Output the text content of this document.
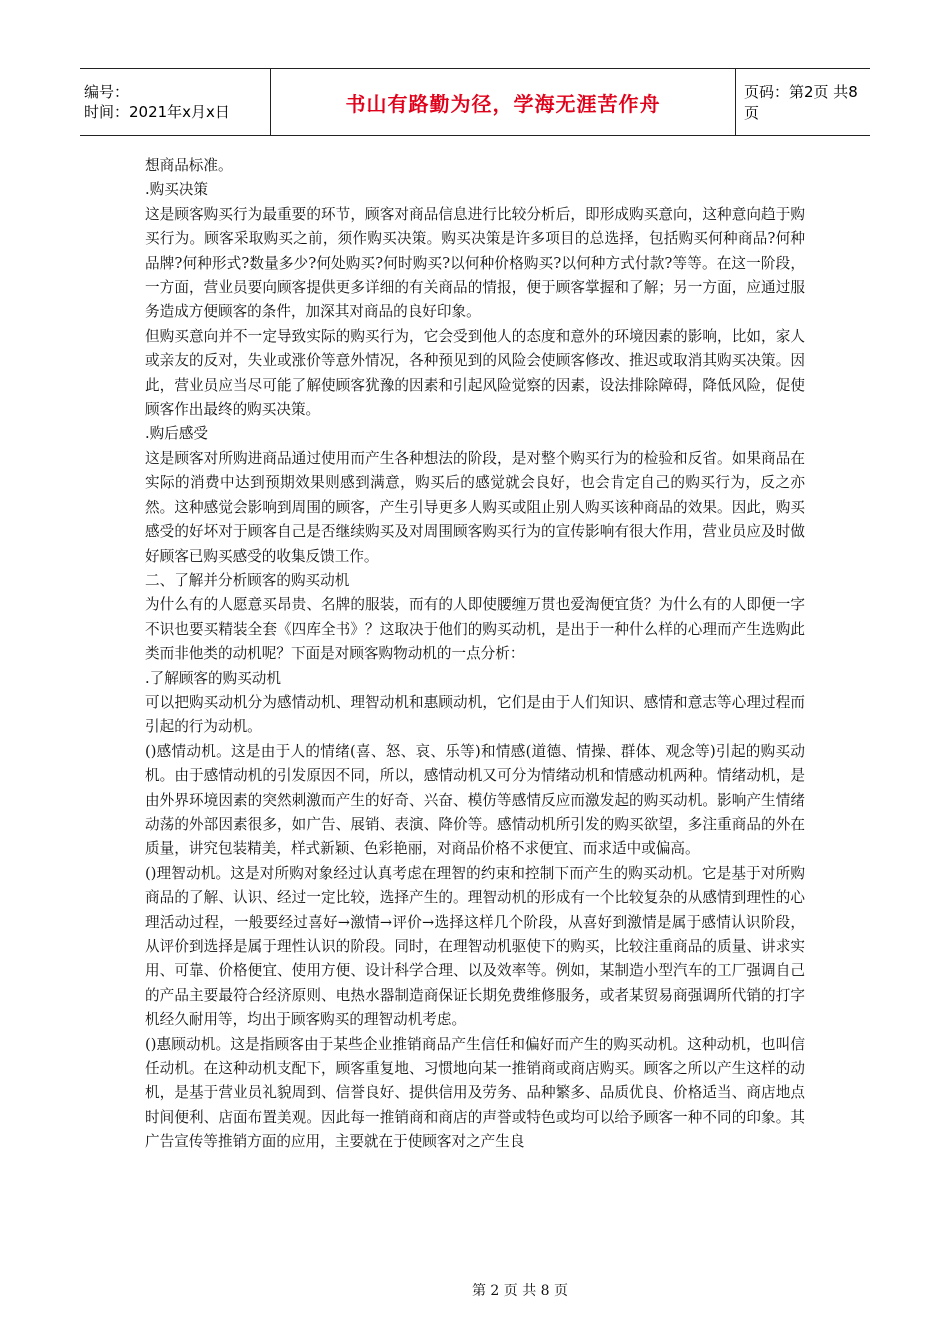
编号：
时间：2021年x月x日	书山有路勤为径，学海无涯苦作舟	页码：第2页 共8页

想商品标准。

.购买决策

这是顾客购买行为最重要的环节，顾客对商品信息进行比较分析后，即形成购买意向，这种意向趋于购买行为。顾客采取购买之前，须作购买决策。购买决策是许多项目的总选择，包括购买何种商品?何种品牌?何种形式?数量多少?何处购买?何时购买?以何种价格购买?以何种方式付款?等等。在这一阶段，一方面，营业员要向顾客提供更多详细的有关商品的情报，便于顾客掌握和了解；另一方面，应通过服务造成方便顾客的条件，加深其对商品的良好印象。

但购买意向并不一定导致实际的购买行为，它会受到他人的态度和意外的环境因素的影响，比如，家人或亲友的反对，失业或涨价等意外情况，各种预见到的风险会使顾客修改、推迟或取消其购买决策。因此，营业员应当尽可能了解使顾客犹豫的因素和引起风险觉察的因素，设法排除障碍，降低风险，促使顾客作出最终的购买决策。

.购后感受

这是顾客对所购进商品通过使用而产生各种想法的阶段，是对整个购买行为的检验和反省。如果商品在实际的消费中达到预期效果则感到满意，购买后的感觉就会良好，也会肯定自己的购买行为，反之亦然。这种感觉会影响到周围的顾客，产生引导更多人购买或阻止别人购买该种商品的效果。因此，购买感受的好坏对于顾客自己是否继续购买及对周围顾客购买行为的宣传影响有很大作用，营业员应及时做好顾客已购买感受的收集反馈工作。

二、了解并分析顾客的购买动机

为什么有的人愿意买昂贵、名牌的服装，而有的人即使腰缠万贯也爱淘便宜货？为什么有的人即便一字不识也要买精装全套《四库全书》？这取决于他们的购买动机，是出于一种什么样的心理而产生选购此类而非他类的动机呢？下面是对顾客购物动机的一点分析：

.了解顾客的购买动机

可以把购买动机分为感情动机、理智动机和惠顾动机，它们是由于人们知识、感情和意志等心理过程而引起的行为动机。

()感情动机。这是由于人的情绪(喜、怒、哀、乐等)和情感(道德、情操、群体、观念等)引起的购买动机。由于感情动机的引发原因不同，所以，感情动机又可分为情绪动机和情感动机两种。情绪动机，是由外界环境因素的突然刺激而产生的好奇、兴奋、模仿等感情反应而激发起的购买动机。影响产生情绪动荡的外部因素很多，如广告、展销、表演、降价等。感情动机所引发的购买欲望，多注重商品的外在质量，讲究包装精美，样式新颖、色彩艳丽，对商品价格不求便宜、而求适中或偏高。

()理智动机。这是对所购对象经过认真考虑在理智的约束和控制下而产生的购买动机。它是基于对所购商品的了解、认识、经过一定比较，选择产生的。理智动机的形成有一个比较复杂的从感情到理性的心理活动过程，一般要经过喜好→激情→评价→选择这样几个阶段，从喜好到激情是属于感情认识阶段，从评价到选择是属于理性认识的阶段。同时，在理智动机驱使下的购买，比较注重商品的质量、讲求实用、可靠、价格便宜、使用方便、设计科学合理、以及效率等。例如，某制造小型汽车的工厂强调自己的产品主要最符合经济原则、电热水器制造商保证长期免费维修服务，或者某贸易商强调所代销的打字机经久耐用等，均出于顾客购买的理智动机考虑。

()惠顾动机。这是指顾客由于某些企业推销商品产生信任和偏好而产生的购买动机。这种动机，也叫信任动机。在这种动机支配下，顾客重复地、习惯地向某一推销商或商店购买。顾客之所以产生这样的动机，是基于营业员礼貌周到、信誉良好、提供信用及劳务、品种繁多、品质优良、价格适当、商店地点时间便利、店面布置美观。因此每一推销商和商店的声誉或特色或均可以给予顾客一种不同的印象。其广告宣传等推销方面的应用，主要就在于使顾客对之产生良

第 2 页 共 8 页
